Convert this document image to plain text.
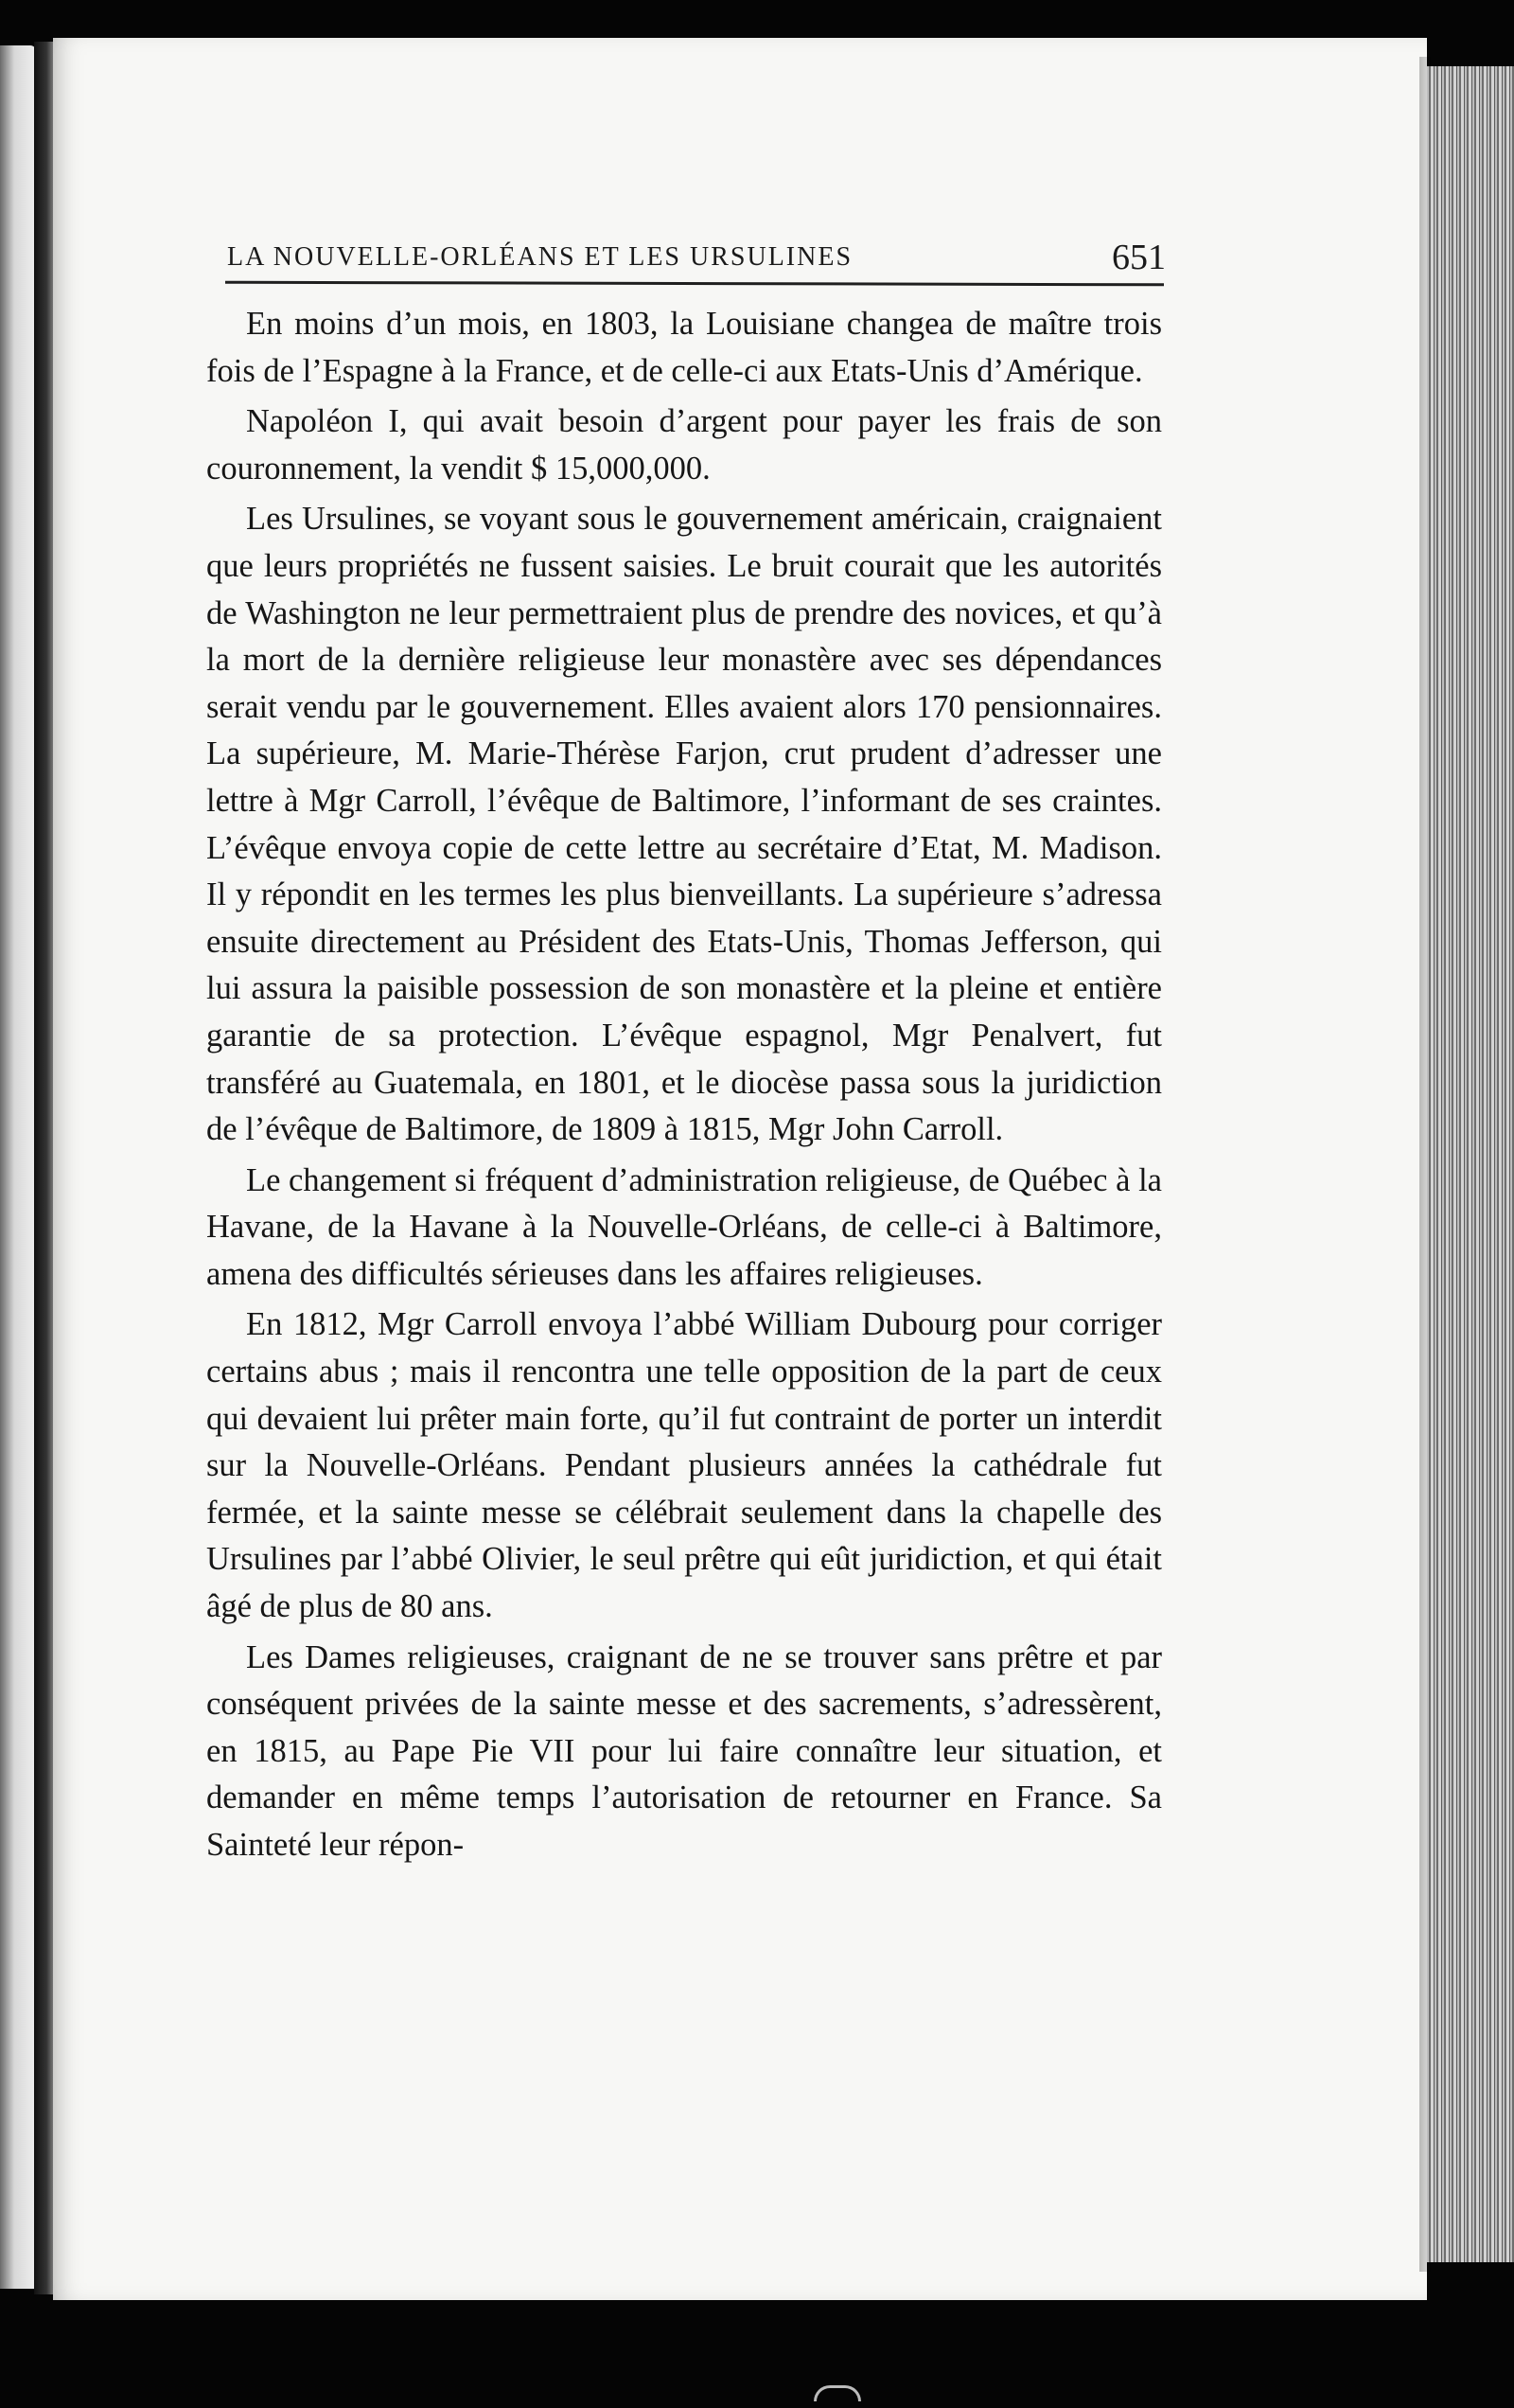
LA NOUVELLE-ORLÉANS ET LES URSULINES	651

En moins d’un mois, en 1803, la Louisiane changea de maître trois fois de l’Espagne à la France, et de celle-ci aux Etats-Unis d’Amérique.

Napoléon I, qui avait besoin d’argent pour payer les frais de son couronnement, la vendit $ 15,000,000.

Les Ursulines, se voyant sous le gouvernement américain, craignaient que leurs propriétés ne fussent saisies. Le bruit courait que les autorités de Washington ne leur permettraient plus de prendre des novices, et qu’à la mort de la dernière religieuse leur monastère avec ses dépendances serait vendu par le gouvernement. Elles avaient alors 170 pensionnaires. La supérieure, M. Marie-Thérèse Farjon, crut prudent d’adresser une lettre à Mgr Carroll, l’évêque de Baltimore, l’informant de ses craintes. L’évêque envoya copie de cette lettre au secrétaire d’Etat, M. Madison. Il y répondit en les termes les plus bienveillants. La supérieure s’adressa ensuite directement au Président des Etats-Unis, Thomas Jefferson, qui lui assura la paisible possession de son monastère et la pleine et entière garantie de sa protection. L’évêque espagnol, Mgr Penalvert, fut transféré au Guatemala, en 1801, et le diocèse passa sous la juridiction de l’évêque de Baltimore, de 1809 à 1815, Mgr John Carroll.

Le changement si fréquent d’administration religieuse, de Québec à la Havane, de la Havane à la Nouvelle-Orléans, de celle-ci à Baltimore, amena des difficultés sérieuses dans les affaires religieuses.

En 1812, Mgr Carroll envoya l’abbé William Dubourg pour corriger certains abus ; mais il rencontra une telle opposition de la part de ceux qui devaient lui prêter main forte, qu’il fut contraint de porter un interdit sur la Nouvelle-Orléans. Pendant plusieurs années la cathédrale fut fermée, et la sainte messe se célébrait seulement dans la chapelle des Ursulines par l’abbé Olivier, le seul prêtre qui eût juridiction, et qui était âgé de plus de 80 ans.

Les Dames religieuses, craignant de ne se trouver sans prêtre et par conséquent privées de la sainte messe et des sacrements, s’adressèrent, en 1815, au Pape Pie VII pour lui faire connaître leur situation, et demander en même temps l’autorisation de retourner en France. Sa Sainteté leur répon-
